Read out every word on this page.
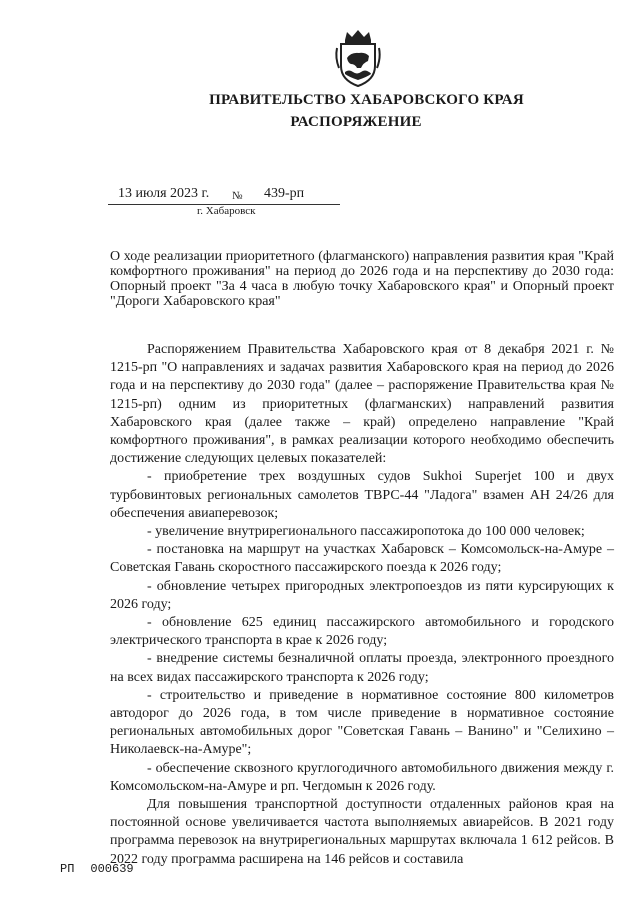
ПРАВИТЕЛЬСТВО ХАБАРОВСКОГО КРАЯ
РАСПОРЯЖЕНИЕ
13 июля 2023 г. № 439-рп
г. Хабаровск
О ходе реализации приоритетного (флагманского) направления развития края "Край комфортного проживания" на период до 2026 года и на перспективу до 2030 года: Опорный проект "За 4 часа в любую точку Хабаровского края" и Опорный проект "Дороги Хабаровского края"

Распоряжением Правительства Хабаровского края от 8 декабря 2021 г. № 1215-рп "О направлениях и задачах развития Хабаровского края на период до 2026 года и на перспективу до 2030 года" (далее – распоряжение Правительства края № 1215-рп) одним из приоритетных (флагманских) направлений развития Хабаровского края (далее также – край) определено направление "Край комфортного проживания", в рамках реализации которого необходимо обеспечить достижение следующих целевых показателей:

- приобретение трех воздушных судов Sukhoi Superjet 100 и двух турбовинтовых региональных самолетов ТВРС-44 "Ладога" взамен АН 24/26 для обеспечения авиаперевозок;

- увеличение внутрирегионального пассажиропотока до 100 000 человек;

- постановка на маршрут на участках Хабаровск – Комсомольск-на-Амуре – Советская Гавань скоростного пассажирского поезда к 2026 году;

- обновление четырех пригородных электропоездов из пяти курсирующих к 2026 году;

- обновление 625 единиц пассажирского автомобильного и городского электрического транспорта в крае к 2026 году;

- внедрение системы безналичной оплаты проезда, электронного проездного на всех видах пассажирского транспорта к 2026 году;

- строительство и приведение в нормативное состояние 800 километров автодорог до 2026 года, в том числе приведение в нормативное состояние региональных автомобильных дорог "Советская Гавань – Ванино" и "Селихино – Николаевск-на-Амуре";

- обеспечение сквозного круглогодичного автомобильного движения между г. Комсомольском-на-Амуре и рп. Чегдомын к 2026 году.

Для повышения транспортной доступности отдаленных районов края на постоянной основе увеличивается частота выполняемых авиарейсов. В 2021 году программа перевозок на внутрирегиональных маршрутах включала 1 612 рейсов. В 2022 году программа расширена на 146 рейсов и составила

РП 000639
